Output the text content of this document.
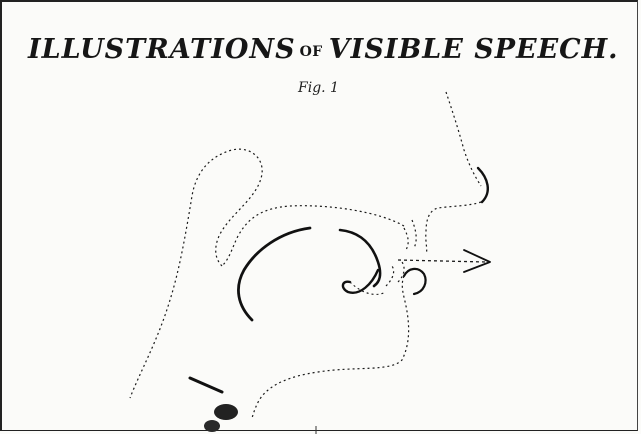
ILLUSTRATIONS OF VISIBLE SPEECH.
Fig. 1
